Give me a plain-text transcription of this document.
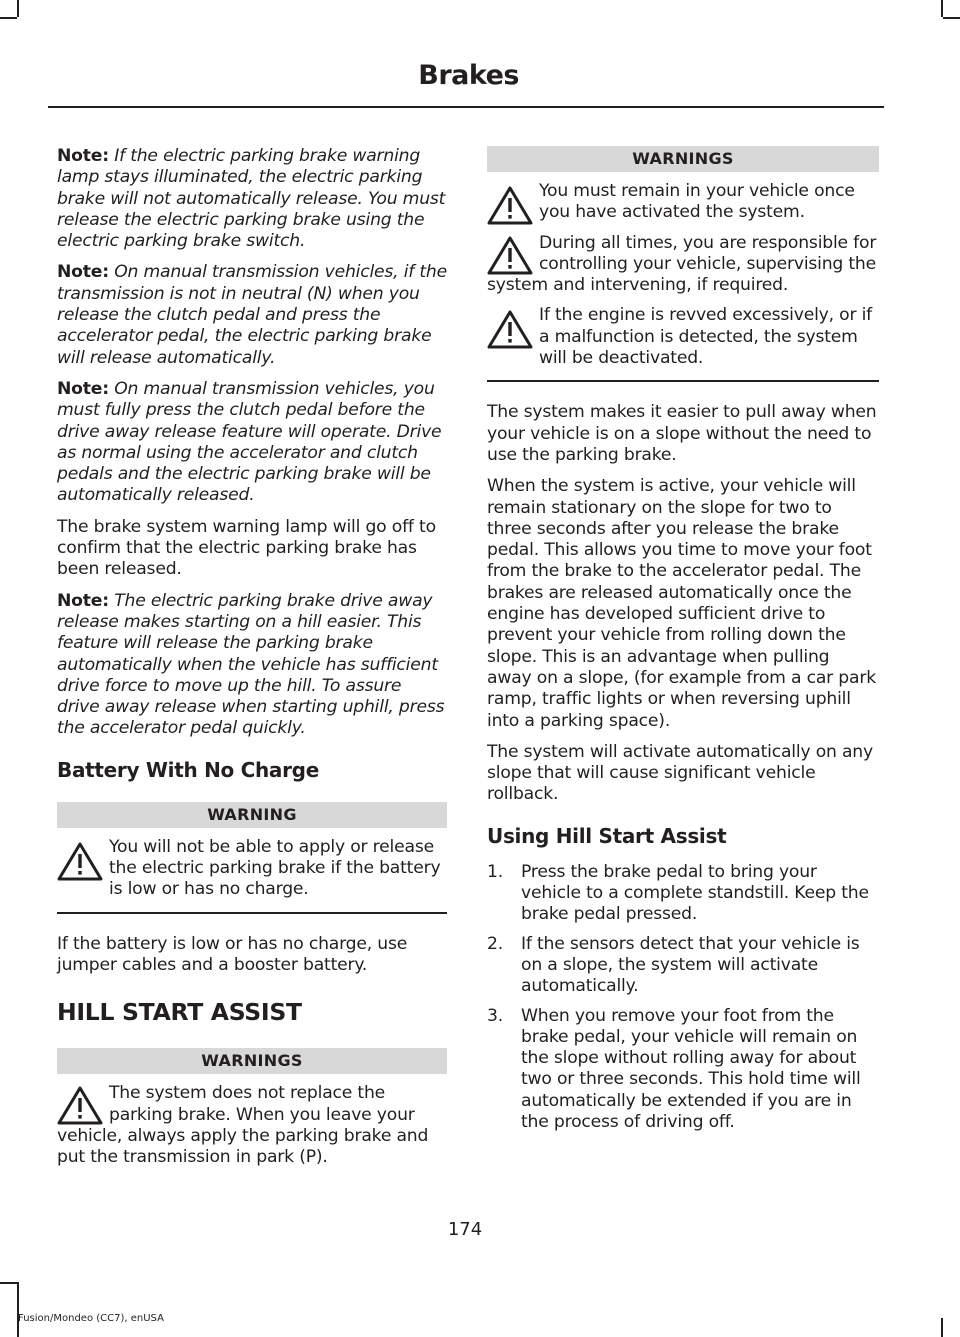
Brakes

Note: If the electric parking brake warning lamp stays illuminated, the electric parking brake will not automatically release. You must release the electric parking brake using the electric parking brake switch.

Note: On manual transmission vehicles, if the transmission is not in neutral (N) when you release the clutch pedal and press the accelerator pedal, the electric parking brake will release automatically.

Note: On manual transmission vehicles, you must fully press the clutch pedal before the drive away release feature will operate. Drive as normal using the accelerator and clutch pedals and the electric parking brake will be automatically released.

The brake system warning lamp will go off to confirm that the electric parking brake has been released.

Note: The electric parking brake drive away release makes starting on a hill easier. This feature will release the parking brake automatically when the vehicle has sufficient drive force to move up the hill. To assure drive away release when starting uphill, press the accelerator pedal quickly.

Battery With No Charge
WARNING
You will not be able to apply or release the electric parking brake if the battery is low or has no charge.

If the battery is low or has no charge, use jumper cables and a booster battery.

HILL START ASSIST
WARNINGS
The system does not replace the parking brake. When you leave your vehicle, always apply the parking brake and put the transmission in park (P).
WARNINGS
You must remain in your vehicle once you have activated the system.
During all times, you are responsible for controlling your vehicle, supervising the system and intervening, if required.
If the engine is revved excessively, or if a malfunction is detected, the system will be deactivated.

The system makes it easier to pull away when your vehicle is on a slope without the need to use the parking brake.

When the system is active, your vehicle will remain stationary on the slope for two to three seconds after you release the brake pedal. This allows you time to move your foot from the brake to the accelerator pedal. The brakes are released automatically once the engine has developed sufficient drive to prevent your vehicle from rolling down the slope. This is an advantage when pulling away on a slope, (for example from a car park ramp, traffic lights or when reversing uphill into a parking space).

The system will activate automatically on any slope that will cause significant vehicle rollback.

Using Hill Start Assist
1. Press the brake pedal to bring your vehicle to a complete standstill. Keep the brake pedal pressed.
2. If the sensors detect that your vehicle is on a slope, the system will activate automatically.
3. When you remove your foot from the brake pedal, your vehicle will remain on the slope without rolling away for about two or three seconds. This hold time will automatically be extended if you are in the process of driving off.
174
Fusion/Mondeo (CC7), enUSA
